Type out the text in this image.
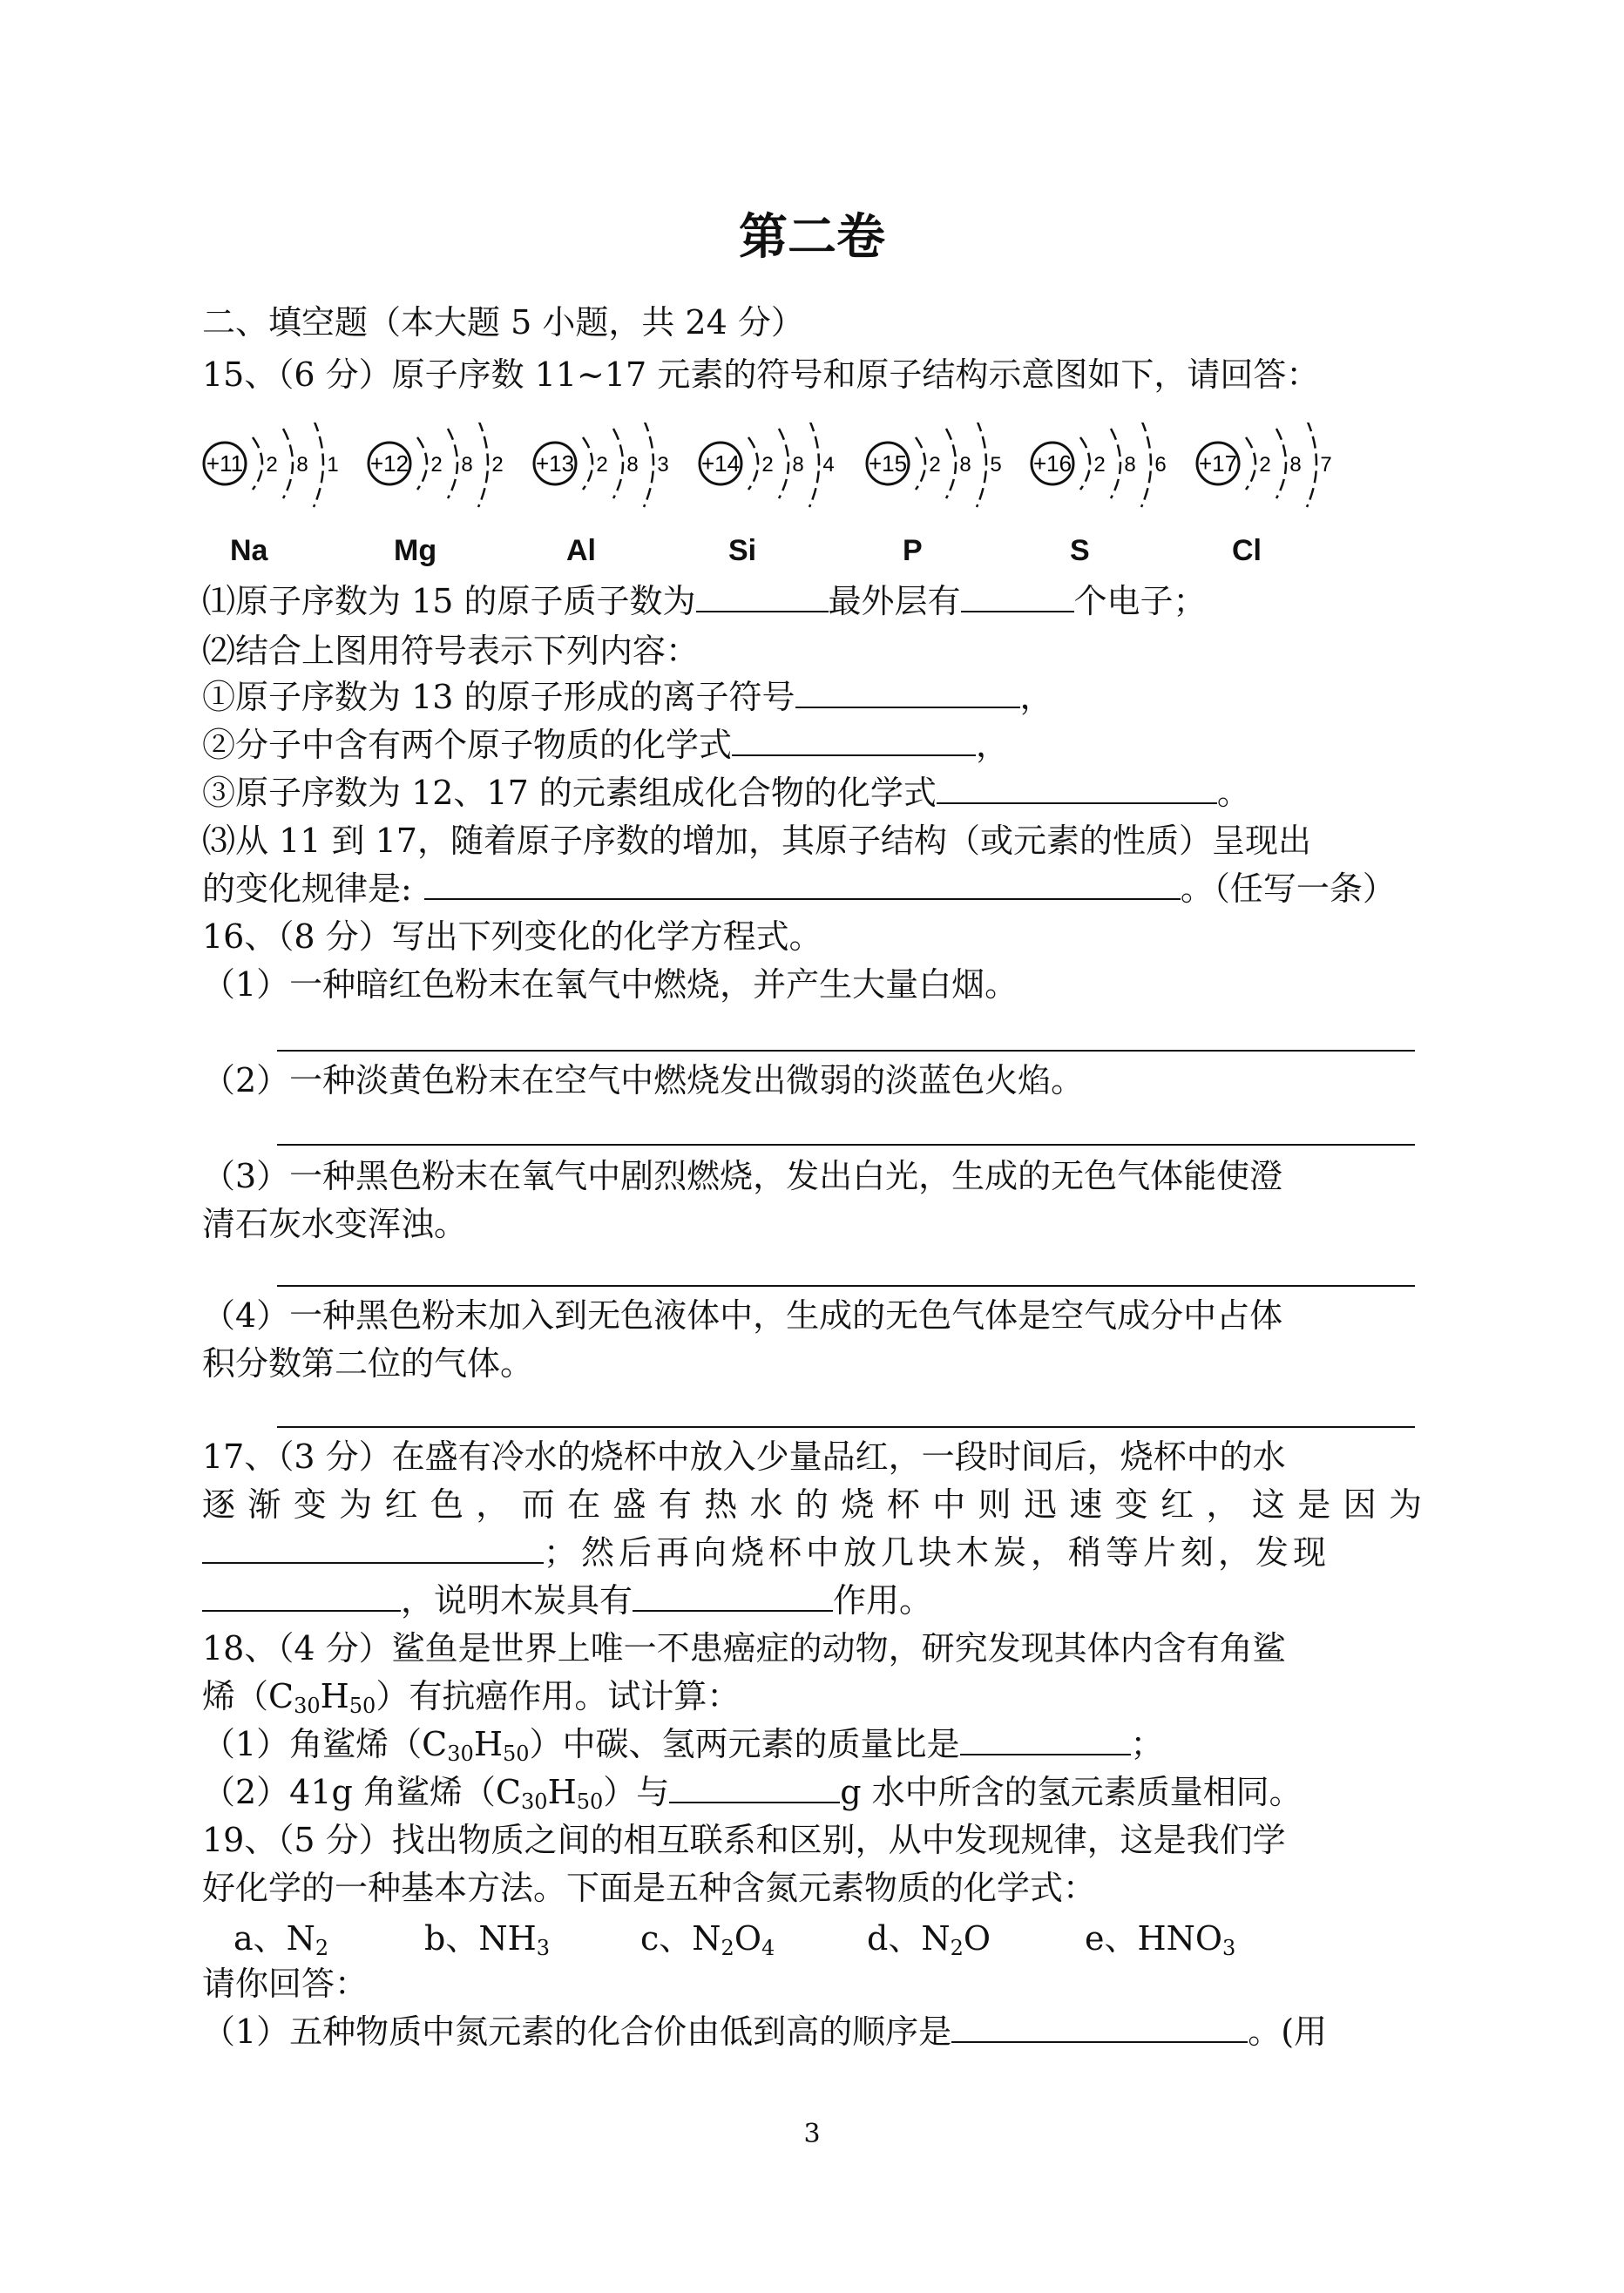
第二卷
二、填空题（本大题 5 小题，共 24 分）
15、（6 分）原子序数 11~17 元素的符号和原子结构示意图如下，请回答：
+11 2 8 1 +12 2 8 2 +13 2 8 3 +14 2 8 4 +15 2 8 5 +16 2 8 6 +17 2 8 7
Na	Mg	Al	Si	P	S	Cl
⑴原子序数为 15 的原子质子数为	最外层有	个电子；
⑵结合上图用符号表示下列内容：
①原子序数为 13 的原子形成的离子符号	，
②分子中含有两个原子物质的化学式	，
③原子序数为 12、17 的元素组成化合物的化学式	。
⑶从 11 到 17，随着原子序数的增加，其原子结构（或元素的性质）呈现出
的变化规律是:	。（任写一条）
16、（8 分）写出下列变化的化学方程式。
（1）一种暗红色粉末在氧气中燃烧，并产生大量白烟。
（2）一种淡黄色粉末在空气中燃烧发出微弱的淡蓝色火焰。
（3）一种黑色粉末在氧气中剧烈燃烧，发出白光，生成的无色气体能使澄
清石灰水变浑浊。
（4）一种黑色粉末加入到无色液体中，生成的无色气体是空气成分中占体
积分数第二位的气体。
17、（3 分）在盛有冷水的烧杯中放入少量品红，一段时间后，烧杯中的水
逐渐变为红色，而在盛有热水的烧杯中则迅速变红，这是因为
；然后再向烧杯中放几块木炭，稍等片刻，发现
，说明木炭具有	作用。
18、（4 分）鲨鱼是世界上唯一不患癌症的动物，研究发现其体内含有角鲨
烯$(C_{30}H_{50})$有抗癌作用。试计算：
（1）角鲨烯$(C_{30}H_{50})$中碳、氢两元素的质量比是	；
（2）41g 角鲨烯$(C_{30}H_{50})$与	g 水中所含的氢元素质量相同。
19、（5 分）找出物质之间的相互联系和区别，从中发现规律，这是我们学
好化学的一种基本方法。下面是五种含氮元素物质的化学式：
a、$N_2$	b、$NH_3$	c、$N_2O_4$	d、$N_2O$	e、$HNO_3$
请你回答：
（1）五种物质中氮元素的化合价由低到高的顺序是	。(用
3
